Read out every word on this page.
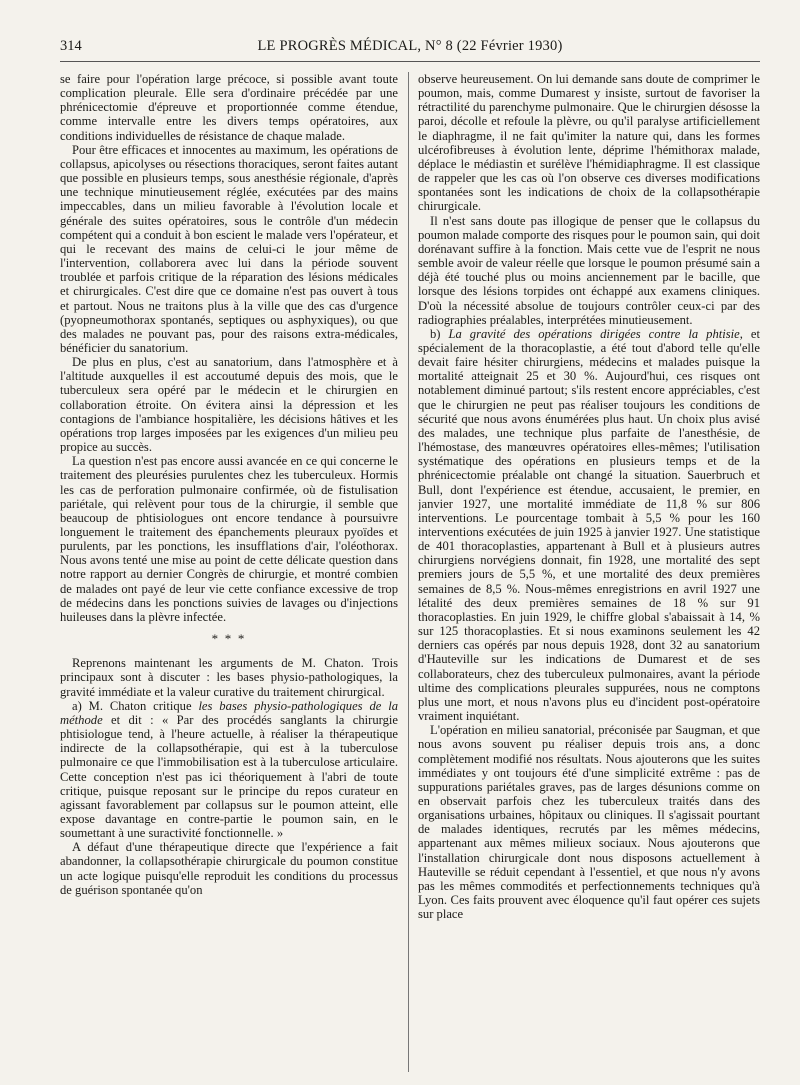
314	LE PROGRÈS MÉDICAL, N° 8 (22 Février 1930)

se faire pour l'opération large précoce, si possible avant toute complication pleurale. Elle sera d'ordinaire précédée par une phrénicectomie d'épreuve et proportionnée comme étendue, comme intervalle entre les divers temps opératoires, aux conditions individuelles de résistance de chaque malade.

Pour être efficaces et innocentes au maximum, les opérations de collapsus, apicolyses ou résections thoraciques, seront faites autant que possible en plusieurs temps, sous anesthésie régionale, d'après une technique minutieusement réglée, exécutées par des mains impeccables, dans un milieu favorable à l'évolution locale et générale des suites opératoires, sous le contrôle d'un médecin compétent qui a conduit à bon escient le malade vers l'opérateur, et qui le recevant des mains de celui-ci le jour même de l'intervention, collaborera avec lui dans la période souvent troublée et parfois critique de la réparation des lésions médicales et chirurgicales. C'est dire que ce domaine n'est pas ouvert à tous et partout. Nous ne traitons plus à la ville que des cas d'urgence (pyopneumothorax spontanés, septiques ou asphyxiques), ou que des malades ne pouvant pas, pour des raisons extra-médicales, bénéficier du sanatorium.

De plus en plus, c'est au sanatorium, dans l'atmosphère et à l'altitude auxquelles il est accoutumé depuis des mois, que le tuberculeux sera opéré par le médecin et le chirurgien en collaboration étroite. On évitera ainsi la dépression et les contagions de l'ambiance hospitalière, les décisions hâtives et les opérations trop larges imposées par les exigences d'un milieu peu propice au succès.

La question n'est pas encore aussi avancée en ce qui concerne le traitement des pleurésies purulentes chez les tuberculeux. Hormis les cas de perforation pulmonaire confirmée, où de fistulisation pariétale, qui relèvent pour tous de la chirurgie, il semble que beaucoup de phtisiologues ont encore tendance à poursuivre longuement le traitement des épanchements pleuraux pyoïdes et purulents, par les ponctions, les insufflations d'air, l'oléothorax. Nous avons tenté une mise au point de cette délicate question dans notre rapport au dernier Congrès de chirurgie, et montré combien de malades ont payé de leur vie cette confiance excessive de trop de médecins dans les ponctions suivies de lavages ou d'injections huileuses dans la plèvre infectée.

* * *

Reprenons maintenant les arguments de M. Chaton. Trois principaux sont à discuter : les bases physio-pathologiques, la gravité immédiate et la valeur curative du traitement chirurgical.

a) M. Chaton critique les bases physio-pathologiques de la méthode et dit : « Par des procédés sanglants la chirurgie phtisiologue tend, à l'heure actuelle, à réaliser la thérapeutique indirecte de la collapsothérapie, qui est à la tuberculose pulmonaire ce que l'immobilisation est à la tuberculose articulaire. Cette conception n'est pas ici théoriquement à l'abri de toute critique, puisque reposant sur le principe du repos curateur en agissant favorablement par collapsus sur le poumon atteint, elle expose davantage en contre-partie le poumon sain, en le soumettant à une suractivité fonctionnelle. »

A défaut d'une thérapeutique directe que l'expérience a fait abandonner, la collapsothérapie chirurgicale du poumon constitue un acte logique puisqu'elle reproduit les conditions du processus de guérison spontanée qu'on

observe heureusement. On lui demande sans doute de comprimer le poumon, mais, comme Dumarest y insiste, surtout de favoriser la rétractilité du parenchyme pulmonaire. Que le chirurgien désosse la paroi, décolle et refoule la plèvre, ou qu'il paralyse artificiellement le diaphragme, il ne fait qu'imiter la nature qui, dans les formes ulcérofibreuses à évolution lente, déprime l'hémithorax malade, déplace le médiastin et surélève l'hémidiaphragme. Il est classique de rappeler que les cas où l'on observe ces diverses modifications spontanées sont les indications de choix de la collapsothérapie chirurgicale.

Il n'est sans doute pas illogique de penser que le collapsus du poumon malade comporte des risques pour le poumon sain, qui doit dorénavant suffire à la fonction. Mais cette vue de l'esprit ne nous semble avoir de valeur réelle que lorsque le poumon présumé sain a déjà été touché plus ou moins anciennement par le bacille, que lorsque des lésions torpides ont échappé aux examens cliniques. D'où la nécessité absolue de toujours contrôler ceux-ci par des radiographies préalables, interprétées minutieusement.

b) La gravité des opérations dirigées contre la phtisie, et spécialement de la thoracoplastie, a été tout d'abord telle qu'elle devait faire hésiter chirurgiens, médecins et malades puisque la mortalité atteignait 25 et 30 %. Aujourd'hui, ces risques ont notablement diminué partout; s'ils restent encore appréciables, c'est que le chirurgien ne peut pas réaliser toujours les conditions de sécurité que nous avons énumérées plus haut. Un choix plus avisé des malades, une technique plus parfaite de l'anesthésie, de l'hémostase, des manœuvres opératoires elles-mêmes; l'utilisation systématique des opérations en plusieurs temps et de la phrénicectomie préalable ont changé la situation. Sauerbruch et Bull, dont l'expérience est étendue, accusaient, le premier, en janvier 1927, une mortalité immédiate de 11,8 % sur 806 interventions. Le pourcentage tombait à 5,5 % pour les 160 interventions exécutées de juin 1925 à janvier 1927. Une statistique de 401 thoracoplasties, appartenant à Bull et à plusieurs autres chirurgiens norvégiens donnait, fin 1928, une mortalité des sept premiers jours de 5,5 %, et une mortalité des deux premières semaines de 8,5 %. Nous-mêmes enregistrions en avril 1927 une létalité des deux premières semaines de 18 % sur 91 thoracoplasties. En juin 1929, le chiffre global s'abaissait à 14, % sur 125 thoracoplasties. Et si nous examinons seulement les 42 derniers cas opérés par nous depuis 1928, dont 32 au sanatorium d'Hauteville sur les indications de Dumarest et de ses collaborateurs, chez des tuberculeux pulmonaires, avant la période ultime des complications pleurales suppurées, nous ne comptons plus une mort, et nous n'avons plus eu d'incident post-opératoire vraiment inquiétant.

L'opération en milieu sanatorial, préconisée par Saugman, et que nous avons souvent pu réaliser depuis trois ans, a donc complètement modifié nos résultats. Nous ajouterons que les suites immédiates y ont toujours été d'une simplicité extrême : pas de suppurations pariétales graves, pas de larges désunions comme on en observait parfois chez les tuberculeux traités dans des organisations urbaines, hôpitaux ou cliniques. Il s'agissait pourtant de malades identiques, recrutés par les mêmes médecins, appartenant aux mêmes milieux sociaux. Nous ajouterons que l'installation chirurgicale dont nous disposons actuellement à Hauteville se réduit cependant à l'essentiel, et que nous n'y avons pas les mêmes commodités et perfectionnements techniques qu'à Lyon. Ces faits prouvent avec éloquence qu'il faut opérer ces sujets sur place
